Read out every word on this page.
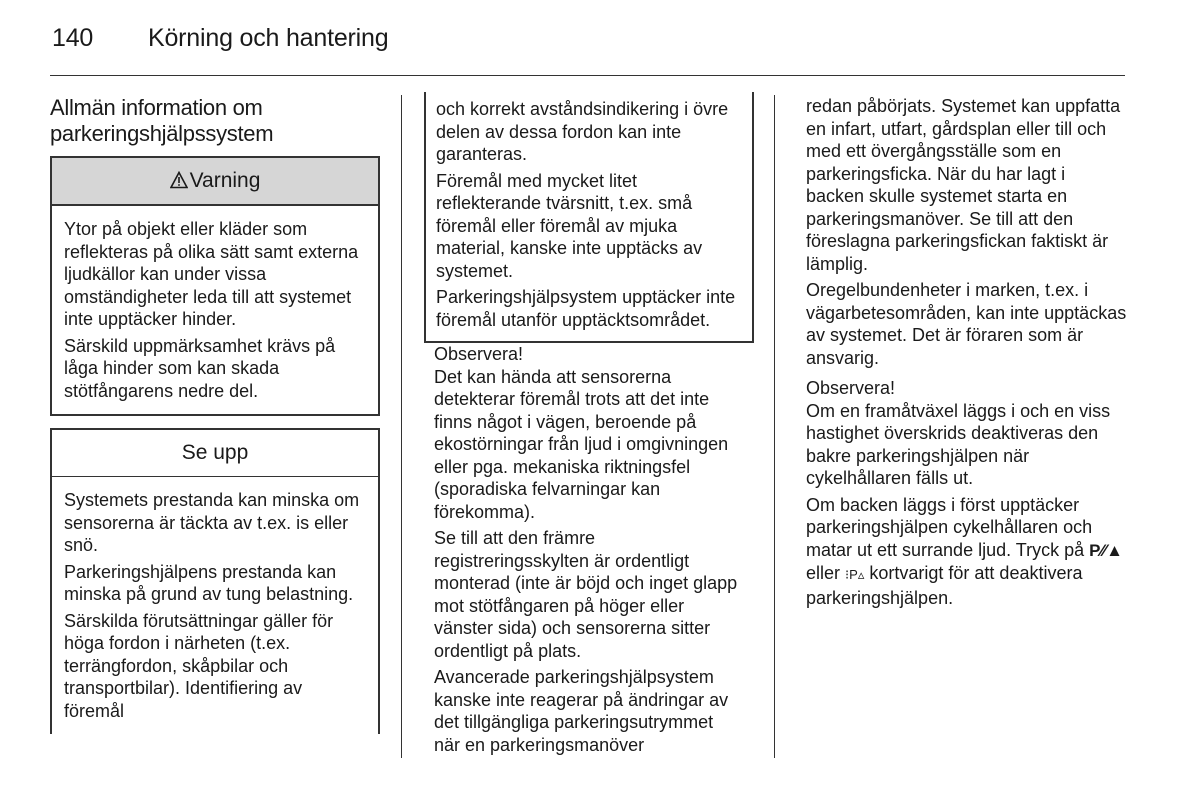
140 Körning och hantering
Allmän information om parkeringshjälpssystem
Varning

Ytor på objekt eller kläder som reflekteras på olika sätt samt externa ljudkällor kan under vissa omständigheter leda till att systemet inte upptäcker hinder.

Särskild uppmärksamhet krävs på låga hinder som kan skada stötfångarens nedre del.

Se upp

Systemets prestanda kan minska om sensorerna är täckta av t.ex. is eller snö.

Parkeringshjälpens prestanda kan minska på grund av tung belastning.

Särskilda förutsättningar gäller för höga fordon i närheten (t.ex. terrängfordon, skåpbilar och transportbilar). Identifiering av föremål

och korrekt avståndsindikering i övre delen av dessa fordon kan inte garanteras.

Föremål med mycket litet reflekterande tvärsnitt, t.ex. små föremål eller föremål av mjuka material, kanske inte upptäcks av systemet.

Parkeringshjälpsystem upptäcker inte föremål utanför upptäcktsområdet.

Observera!

Det kan hända att sensorerna detekterar föremål trots att det inte finns något i vägen, beroende på ekostörningar från ljud i omgivningen eller pga. mekaniska riktningsfel (sporadiska felvarningar kan förekomma).

Se till att den främre registreringsskylten är ordentligt monterad (inte är böjd och inget glapp mot stötfångaren på höger eller vänster sida) och sensorerna sitter ordentligt på plats.

Avancerade parkeringshjälpsystem kanske inte reagerar på ändringar av det tillgängliga parkeringsutrymmet när en parkeringsmanöver

redan påbörjats. Systemet kan uppfatta en infart, utfart, gårdsplan eller till och med ett övergångsställe som en parkeringsficka. När du har lagt i backen skulle systemet starta en parkeringsmanöver. Se till att den föreslagna parkeringsfickan faktiskt är lämplig.

Oregelbundenheter i marken, t.ex. i vägarbetesområden, kan inte upptäckas av systemet. Det är föraren som är ansvarig.

Observera!

Om en framåtväxel läggs i och en viss hastighet överskrids deaktiveras den bakre parkeringshjälpen när cykelhållaren fälls ut.

Om backen läggs i först upptäcker parkeringshjälpen cykelhållaren och matar ut ett surrande ljud. Tryck på P⁄⁄▲ eller ⁝P▵ kortvarigt för att deaktivera parkeringshjälpen.
